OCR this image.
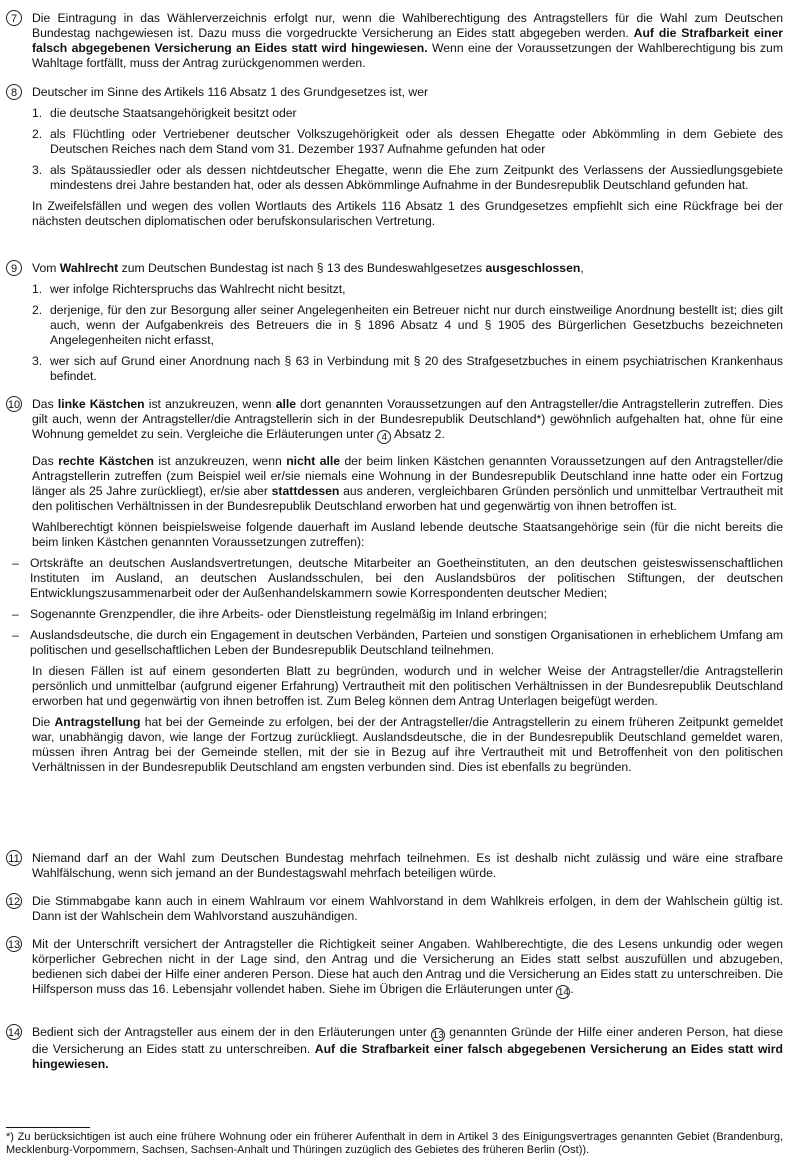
7	Die Eintragung in das Wählerverzeichnis erfolgt nur, wenn die Wahlberechtigung des Antragstellers für die Wahl zum Deutschen Bundestag nachgewiesen ist. Dazu muss die vorgedruckte Versicherung an Eides statt abgegeben werden. Auf die Strafbarkeit einer falsch abgegebenen Versicherung an Eides statt wird hingewiesen. Wenn eine der Voraussetzungen der Wahlberechtigung bis zum Wahltage fortfällt, muss der Antrag zurückgenommen werden.

8	Deutscher im Sinne des Artikels 116 Absatz 1 des Grundgesetzes ist, wer

1. die deutsche Staatsangehörigkeit besitzt oder
2. als Flüchtling oder Vertriebener deutscher Volkszugehörigkeit oder als dessen Ehegatte oder Abkömmling in dem Gebiete des Deutschen Reiches nach dem Stand vom 31. Dezember 1937 Aufnahme gefunden hat oder
3. als Spätaussiedler oder als dessen nichtdeutscher Ehegatte, wenn die Ehe zum Zeitpunkt des Verlassens der Aussiedlungsgebiete mindestens drei Jahre bestanden hat, oder als dessen Abkömmlinge Aufnahme in der Bundesrepublik Deutschland gefunden hat.

In Zweifelsfällen und wegen des vollen Wortlauts des Artikels 116 Absatz 1 des Grundgesetzes empfiehlt sich eine Rückfrage bei der nächsten deutschen diplomatischen oder berufskonsularischen Vertretung.

9	Vom Wahlrecht zum Deutschen Bundestag ist nach § 13 des Bundeswahlgesetzes ausgeschlossen,

1. wer infolge Richterspruchs das Wahlrecht nicht besitzt,
2. derjenige, für den zur Besorgung aller seiner Angelegenheiten ein Betreuer nicht nur durch einstweilige Anordnung bestellt ist; dies gilt auch, wenn der Aufgabenkreis des Betreuers die in § 1896 Absatz 4 und § 1905 des Bürgerlichen Gesetzbuchs bezeichneten Angelegenheiten nicht erfasst,
3. wer sich auf Grund einer Anordnung nach § 63 in Verbindung mit § 20 des Strafgesetzbuches in einem psychiatrischen Krankenhaus befindet.
10 Das linke Kästchen ist anzukreuzen, wenn alle dort genannten Voraussetzungen auf den Antragsteller/die Antragstellerin zutreffen. Dies gilt auch, wenn der Antragsteller/die Antragstellerin sich in der Bundesrepublik Deutschland*) gewöhnlich aufgehalten hat, ohne für eine Wohnung gemeldet zu sein. Vergleiche die Erläuterungen unter 4 Absatz 2.

Das rechte Kästchen ist anzukreuzen, wenn nicht alle der beim linken Kästchen genannten Voraussetzungen auf den Antragsteller/die Antragstellerin zutreffen (zum Beispiel weil er/sie niemals eine Wohnung in der Bundesrepublik Deutschland inne hatte oder ein Fortzug länger als 25 Jahre zurückliegt), er/sie aber stattdessen aus anderen, vergleichbaren Gründen persönlich und unmittelbar Vertrautheit mit den politischen Verhältnissen in der Bundesrepublik Deutschland erworben hat und gegenwärtig von ihnen betroffen ist.

Wahlberechtigt können beispielsweise folgende dauerhaft im Ausland lebende deutsche Staatsangehörige sein (für die nicht bereits die beim linken Kästchen genannten Voraussetzungen zutreffen):

– Ortskräfte an deutschen Auslandsvertretungen, deutsche Mitarbeiter an Goetheinstituten, an den deutschen geisteswissenschaftlichen Instituten im Ausland, an deutschen Auslandsschulen, bei den Auslandsbüros der politischen Stiftungen, der deutschen Entwicklungszusammenarbeit oder der Außenhandelskammern sowie Korrespondenten deutscher Medien;
– Sogenannte Grenzpendler, die ihre Arbeits- oder Dienstleistung regelmäßig im Inland erbringen;
– Auslandsdeutsche, die durch ein Engagement in deutschen Verbänden, Parteien und sonstigen Organisationen in erheblichem Umfang am politischen und gesellschaftlichen Leben der Bundesrepublik Deutschland teilnehmen.

In diesen Fällen ist auf einem gesonderten Blatt zu begründen, wodurch und in welcher Weise der Antragsteller/die Antragstellerin persönlich und unmittelbar (aufgrund eigener Erfahrung) Vertrautheit mit den politischen Verhältnissen in der Bundesrepublik Deutschland erworben hat und gegenwärtig von ihnen betroffen ist. Zum Beleg können dem Antrag Unterlagen beigefügt werden.

Die Antragstellung hat bei der Gemeinde zu erfolgen, bei der der Antragsteller/die Antragstellerin zu einem früheren Zeitpunkt gemeldet war, unabhängig davon, wie lange der Fortzug zurückliegt. Auslandsdeutsche, die in der Bundesrepublik Deutschland gemeldet waren, müssen ihren Antrag bei der Gemeinde stellen, mit der sie in Bezug auf ihre Vertrautheit mit und Betroffenheit von den politischen Verhältnissen in der Bundesrepublik Deutschland am engsten verbunden sind. Dies ist ebenfalls zu begründen.

11 Niemand darf an der Wahl zum Deutschen Bundestag mehrfach teilnehmen. Es ist deshalb nicht zulässig und wäre eine strafbare Wahlfälschung, wenn sich jemand an der Bundestagswahl mehrfach beteiligen würde.

12 Die Stimmabgabe kann auch in einem Wahlraum vor einem Wahlvorstand in dem Wahlkreis erfolgen, in dem der Wahlschein gültig ist. Dann ist der Wahlschein dem Wahlvorstand auszuhändigen.

13 Mit der Unterschrift versichert der Antragsteller die Richtigkeit seiner Angaben. Wahlberechtigte, die des Lesens unkundig oder wegen körperlicher Gebrechen nicht in der Lage sind, den Antrag und die Versicherung an Eides statt selbst auszufüllen und abzugeben, bedienen sich dabei der Hilfe einer anderen Person. Diese hat auch den Antrag und die Versicherung an Eides statt zu unterschreiben. Die Hilfsperson muss das 16. Lebensjahr vollendet haben. Siehe im Übrigen die Erläuterungen unter 14.

14 Bedient sich der Antragsteller aus einem der in den Erläuterungen unter 13 genannten Gründe der Hilfe einer anderen Person, hat diese die Versicherung an Eides statt zu unterschreiben. Auf die Strafbarkeit einer falsch abgegebenen Versicherung an Eides statt wird hingewiesen.

*) Zu berücksichtigen ist auch eine frühere Wohnung oder ein früherer Aufenthalt in dem in Artikel 3 des Einigungsvertrages genannten Gebiet (Brandenburg, Mecklenburg-Vorpommern, Sachsen, Sachsen-Anhalt und Thüringen zuzüglich des Gebietes des früheren Berlin (Ost)).
